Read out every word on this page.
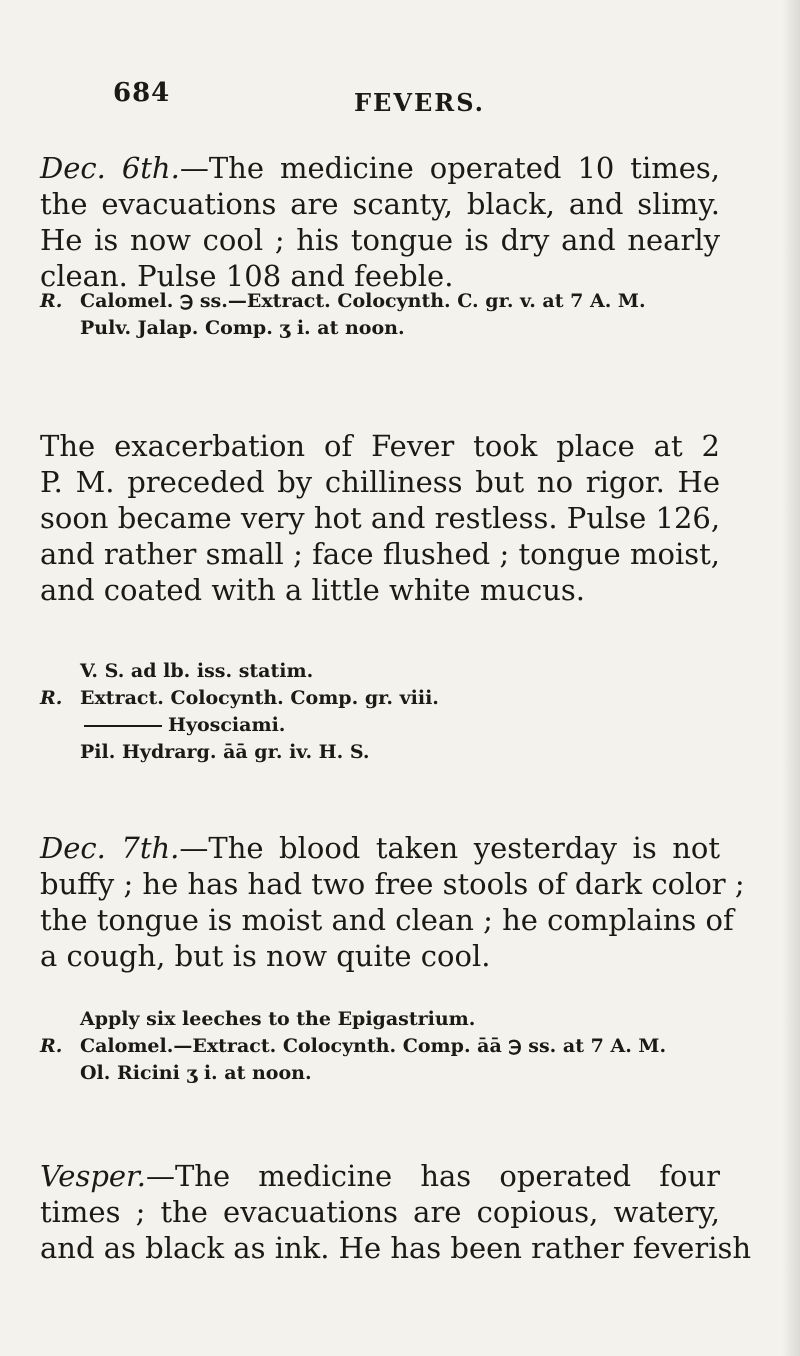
684	FEVERS.
Dec. 6th.—The medicine operated 10 times,
the evacuations are scanty, black, and slimy.
He is now cool ; his tongue is dry and nearly
clean. Pulse 108 and feeble.
R. Calomel. ℈ ss.—Extract. Colocynth. C. gr. v. at 7 A. M.
Pulv. Jalap. Comp. ʒ i. at noon.
The exacerbation of Fever took place at 2
P. M. preceded by chilliness but no rigor. He
soon became very hot and restless. Pulse 126,
and rather small ; face flushed ; tongue moist,
and coated with a little white mucus.
V. S. ad lb. iss. statim.
R. Extract. Colocynth. Comp. gr. viii.
Hyosciami.
Pil. Hydrarg. āā gr. iv. H. S.
Dec. 7th.—The blood taken yesterday is not
buffy ; he has had two free stools of dark color ;
the tongue is moist and clean ; he complains of
a cough, but is now quite cool.
Apply six leeches to the Epigastrium.
R. Calomel.—Extract. Colocynth. Comp. āā ℈ ss. at 7 A. M.
Ol. Ricini ʒ i. at noon.
Vesper.—The medicine has operated four
times ; the evacuations are copious, watery,
and as black as ink. He has been rather feverish
